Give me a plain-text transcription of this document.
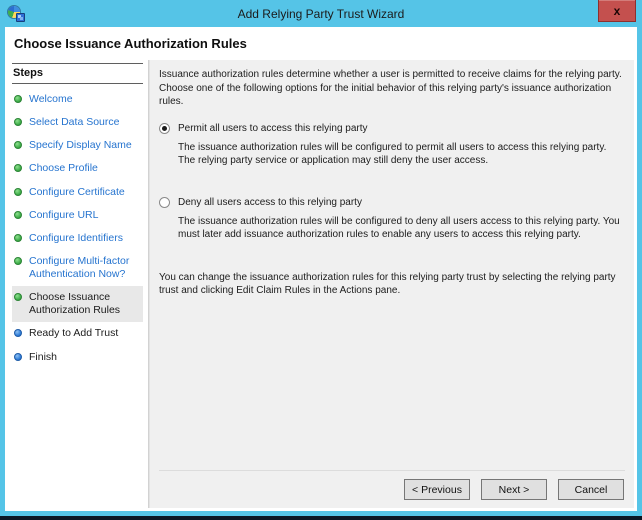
Add Relying Party Trust Wizard	x
Choose Issuance Authorization Rules
Steps
Welcome
Select Data Source
Specify Display Name
Choose Profile
Configure Certificate
Configure URL
Configure Identifiers
Configure Multi-factor Authentication Now?
Choose Issuance Authorization Rules
Ready to Add Trust
Finish

Issuance authorization rules determine whether a user is permitted to receive claims for the relying party. Choose one of the following options for the initial behavior of this relying party's issuance authorization rules.

Permit all users to access this relying party

The issuance authorization rules will be configured to permit all users to access this relying party. The relying party service or application may still deny the user access.

Deny all users access to this relying party

The issuance authorization rules will be configured to deny all users access to this relying party. You must later add issuance authorization rules to enable any users to access this relying party.

You can change the issuance authorization rules for this relying party trust by selecting the relying party trust and clicking Edit Claim Rules in the Actions pane.

< Previous	Next >	Cancel
